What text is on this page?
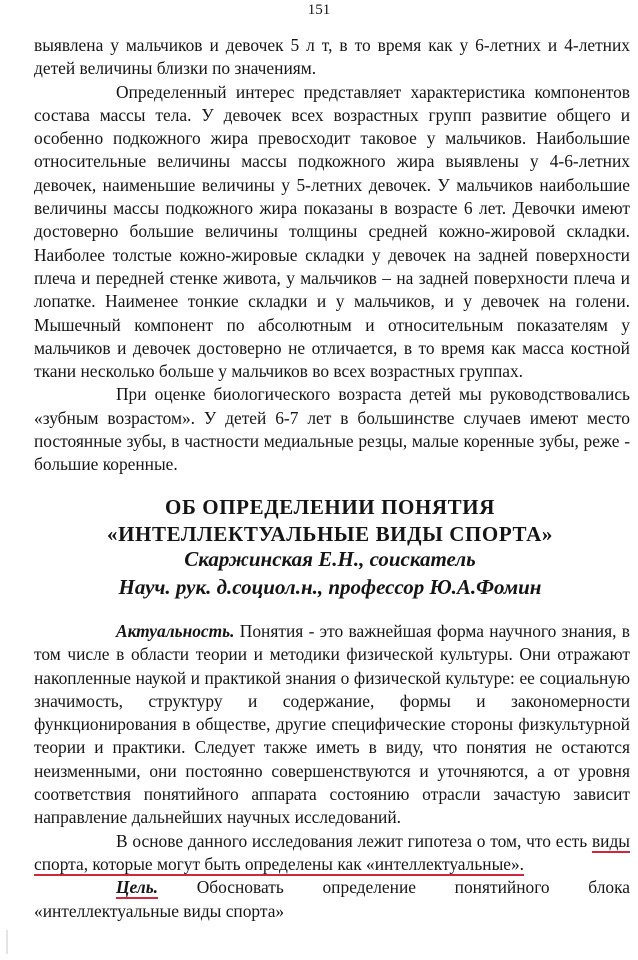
151

выявлена у мальчиков и девочек 5 л т, в то время как у 6-летних и 4-летних детей величины близки по значениям.

Определенный интерес представляет характеристика компонентов состава массы тела. У девочек всех возрастных групп развитие общего и особенно подкожного жира превосходит таковое у мальчиков. Наибольшие относительные величины массы подкожного жира выявлены у 4-6-летних девочек, наименьшие величины у 5-летних девочек. У мальчиков наибольшие величины массы подкожного жира показаны в возрасте 6 лет. Девочки имеют достоверно большие величины толщины средней кожно-жировой складки. Наиболее толстые кожно-жировые складки у девочек на задней поверхности плеча и передней стенке живота, у мальчиков – на задней поверхности плеча и лопатке. Наименее тонкие складки и у мальчиков, и у девочек на голени. Мышечный компонент по абсолютным и относительным показателям у мальчиков и девочек достоверно не отличается, в то время как масса костной ткани несколько больше у мальчиков во всех возрастных группах.

При оценке биологического возраста детей мы руководствовались «зубным возрастом». У детей 6-7 лет в большинстве случаев имеют место постоянные зубы, в частности медиальные резцы, малые коренные зубы, реже - большие коренные.

ОБ ОПРЕДЕЛЕНИИ ПОНЯТИЯ
«ИНТЕЛЛЕКТУАЛЬНЫЕ ВИДЫ СПОРТА»
Скаржинская Е.Н., соискатель
Науч. рук. д.социол.н., профессор Ю.А.Фомин

Актуальность. Понятия - это важнейшая форма научного знания, в том числе в области теории и методики физической культуры. Они отражают накопленные наукой и практикой знания о физической культуре: ее социальную значимость, структуру и содержание, формы и закономерности функционирования в обществе, другие специфические стороны физкультурной теории и практики. Следует также иметь в виду, что понятия не остаются неизменными, они постоянно совершенствуются и уточняются, а от уровня соответствия понятийного аппарата состоянию отрасли зачастую зависит направление дальнейших научных исследований.

В основе данного исследования лежит гипотеза о том, что есть виды спорта, которые могут быть определены как «интеллектуальные».

Цель. Обосновать определение понятийного блока «интеллектуальные виды спорта»
